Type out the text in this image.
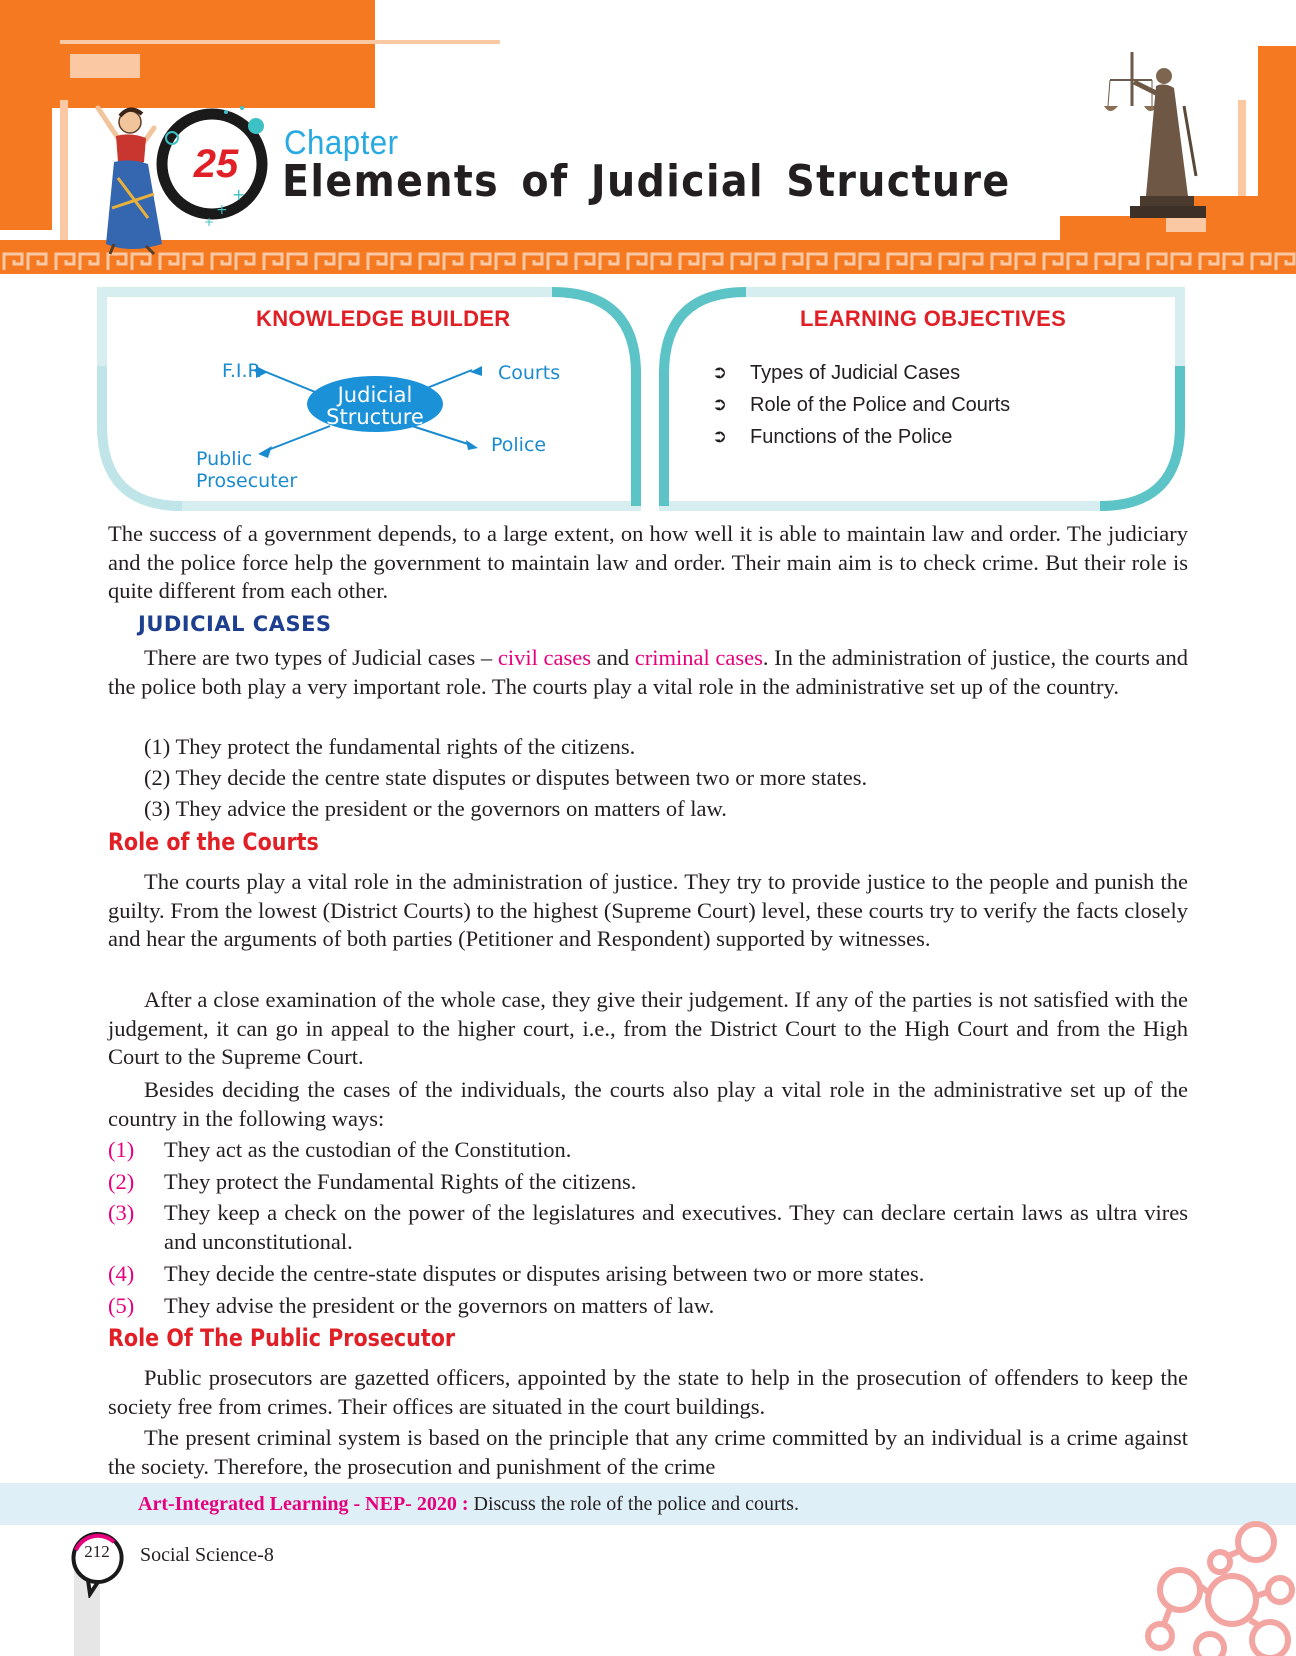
+
+
+
25	Chapter
Elements of Judicial Structure
KNOWLEDGE BUILDER	LEARNING OBJECTIVES
Judicial
Structure
F.I.R	Courts
Police
Public
Prosecuter
➲ Types of Judicial Cases
➲ Role of the Police and Courts
➲ Functions of the Police

The success of a government depends, to a large extent, on how well it is able to maintain law and order. The judiciary and the police force help the government to maintain law and order. Their main aim is to check crime. But their role is quite different from each other.

JUDICIAL CASES

There are two types of Judicial cases – civil cases and criminal cases. In the administration of justice, the courts and the police both play a very important role. The courts play a vital role in the administrative set up of the country.

(1) They protect the fundamental rights of the citizens.
(2) They decide the centre state disputes or disputes between two or more states.
(3) They advice the president or the governors on matters of law.
Role of the Courts

The courts play a vital role in the administration of justice. They try to provide justice to the people and punish the guilty. From the lowest (District Courts) to the highest (Supreme Court) level, these courts try to verify the facts closely and hear the arguments of both parties (Petitioner and Respondent) supported by witnesses.

After a close examination of the whole case, they give their judgement. If any of the parties is not satisfied with the judgement, it can go in appeal to the higher court, i.e., from the District Court to the High Court and from the High Court to the Supreme Court.

Besides deciding the cases of the individuals, the courts also play a vital role in the administrative set up of the country in the following ways:

(1) They act as the custodian of the Constitution.
(2) They protect the Fundamental Rights of the citizens.
(3) They keep a check on the power of the legislatures and executives. They can declare certain laws as ultra vires and unconstitutional.
(4) They decide the centre-state disputes or disputes arising between two or more states.
(5) They advise the president or the governors on matters of law.
Role Of The Public Prosecutor

Public prosecutors are gazetted officers, appointed by the state to help in the prosecution of offenders to keep the society free from crimes. Their offices are situated in the court buildings.

The present criminal system is based on the principle that any crime committed by an individual is a crime against the society. Therefore, the prosecution and punishment of the crime

Art-Integrated Learning - NEP- 2020 : Discuss the role of the police and courts.
212	Social Science-8
